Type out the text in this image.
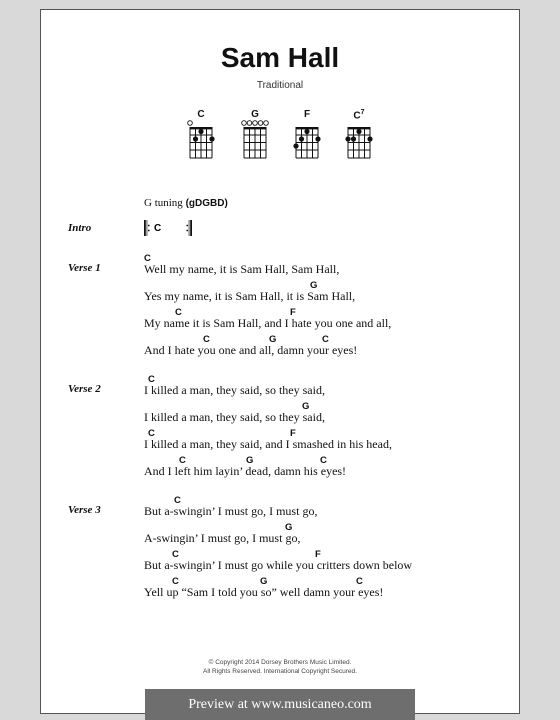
Sam Hall
Traditional
C	G	F	$C^7$
G tuning (gDGBD)
Intro	C
Verse 1
C
Well my name, it is Sam Hall, Sam Hall,
G
Yes my name, it is Sam Hall, it is Sam Hall,
C	F
My name it is Sam Hall, and I hate you one and all,
C	G	C
And I hate you one and all, damn your eyes!
Verse 2
C
I killed a man, they said, so they said,
G
I killed a man, they said, so they said,
C	F
I killed a man, they said, and I smashed in his head,
C	G	C
And I left him layin’ dead, damn his eyes!
Verse 3
C
But a-swingin’ I must go, I must go,
G
A-swingin’ I must go, I must go,
C	F
But a-swingin’ I must go while you critters down below
C	G	C
Yell up “Sam I told you so” well damn your eyes!
© Copyright 2014 Dorsey Brothers Music Limited.
All Rights Reserved. International Copyright Secured.
Preview at www.musicaneo.com
